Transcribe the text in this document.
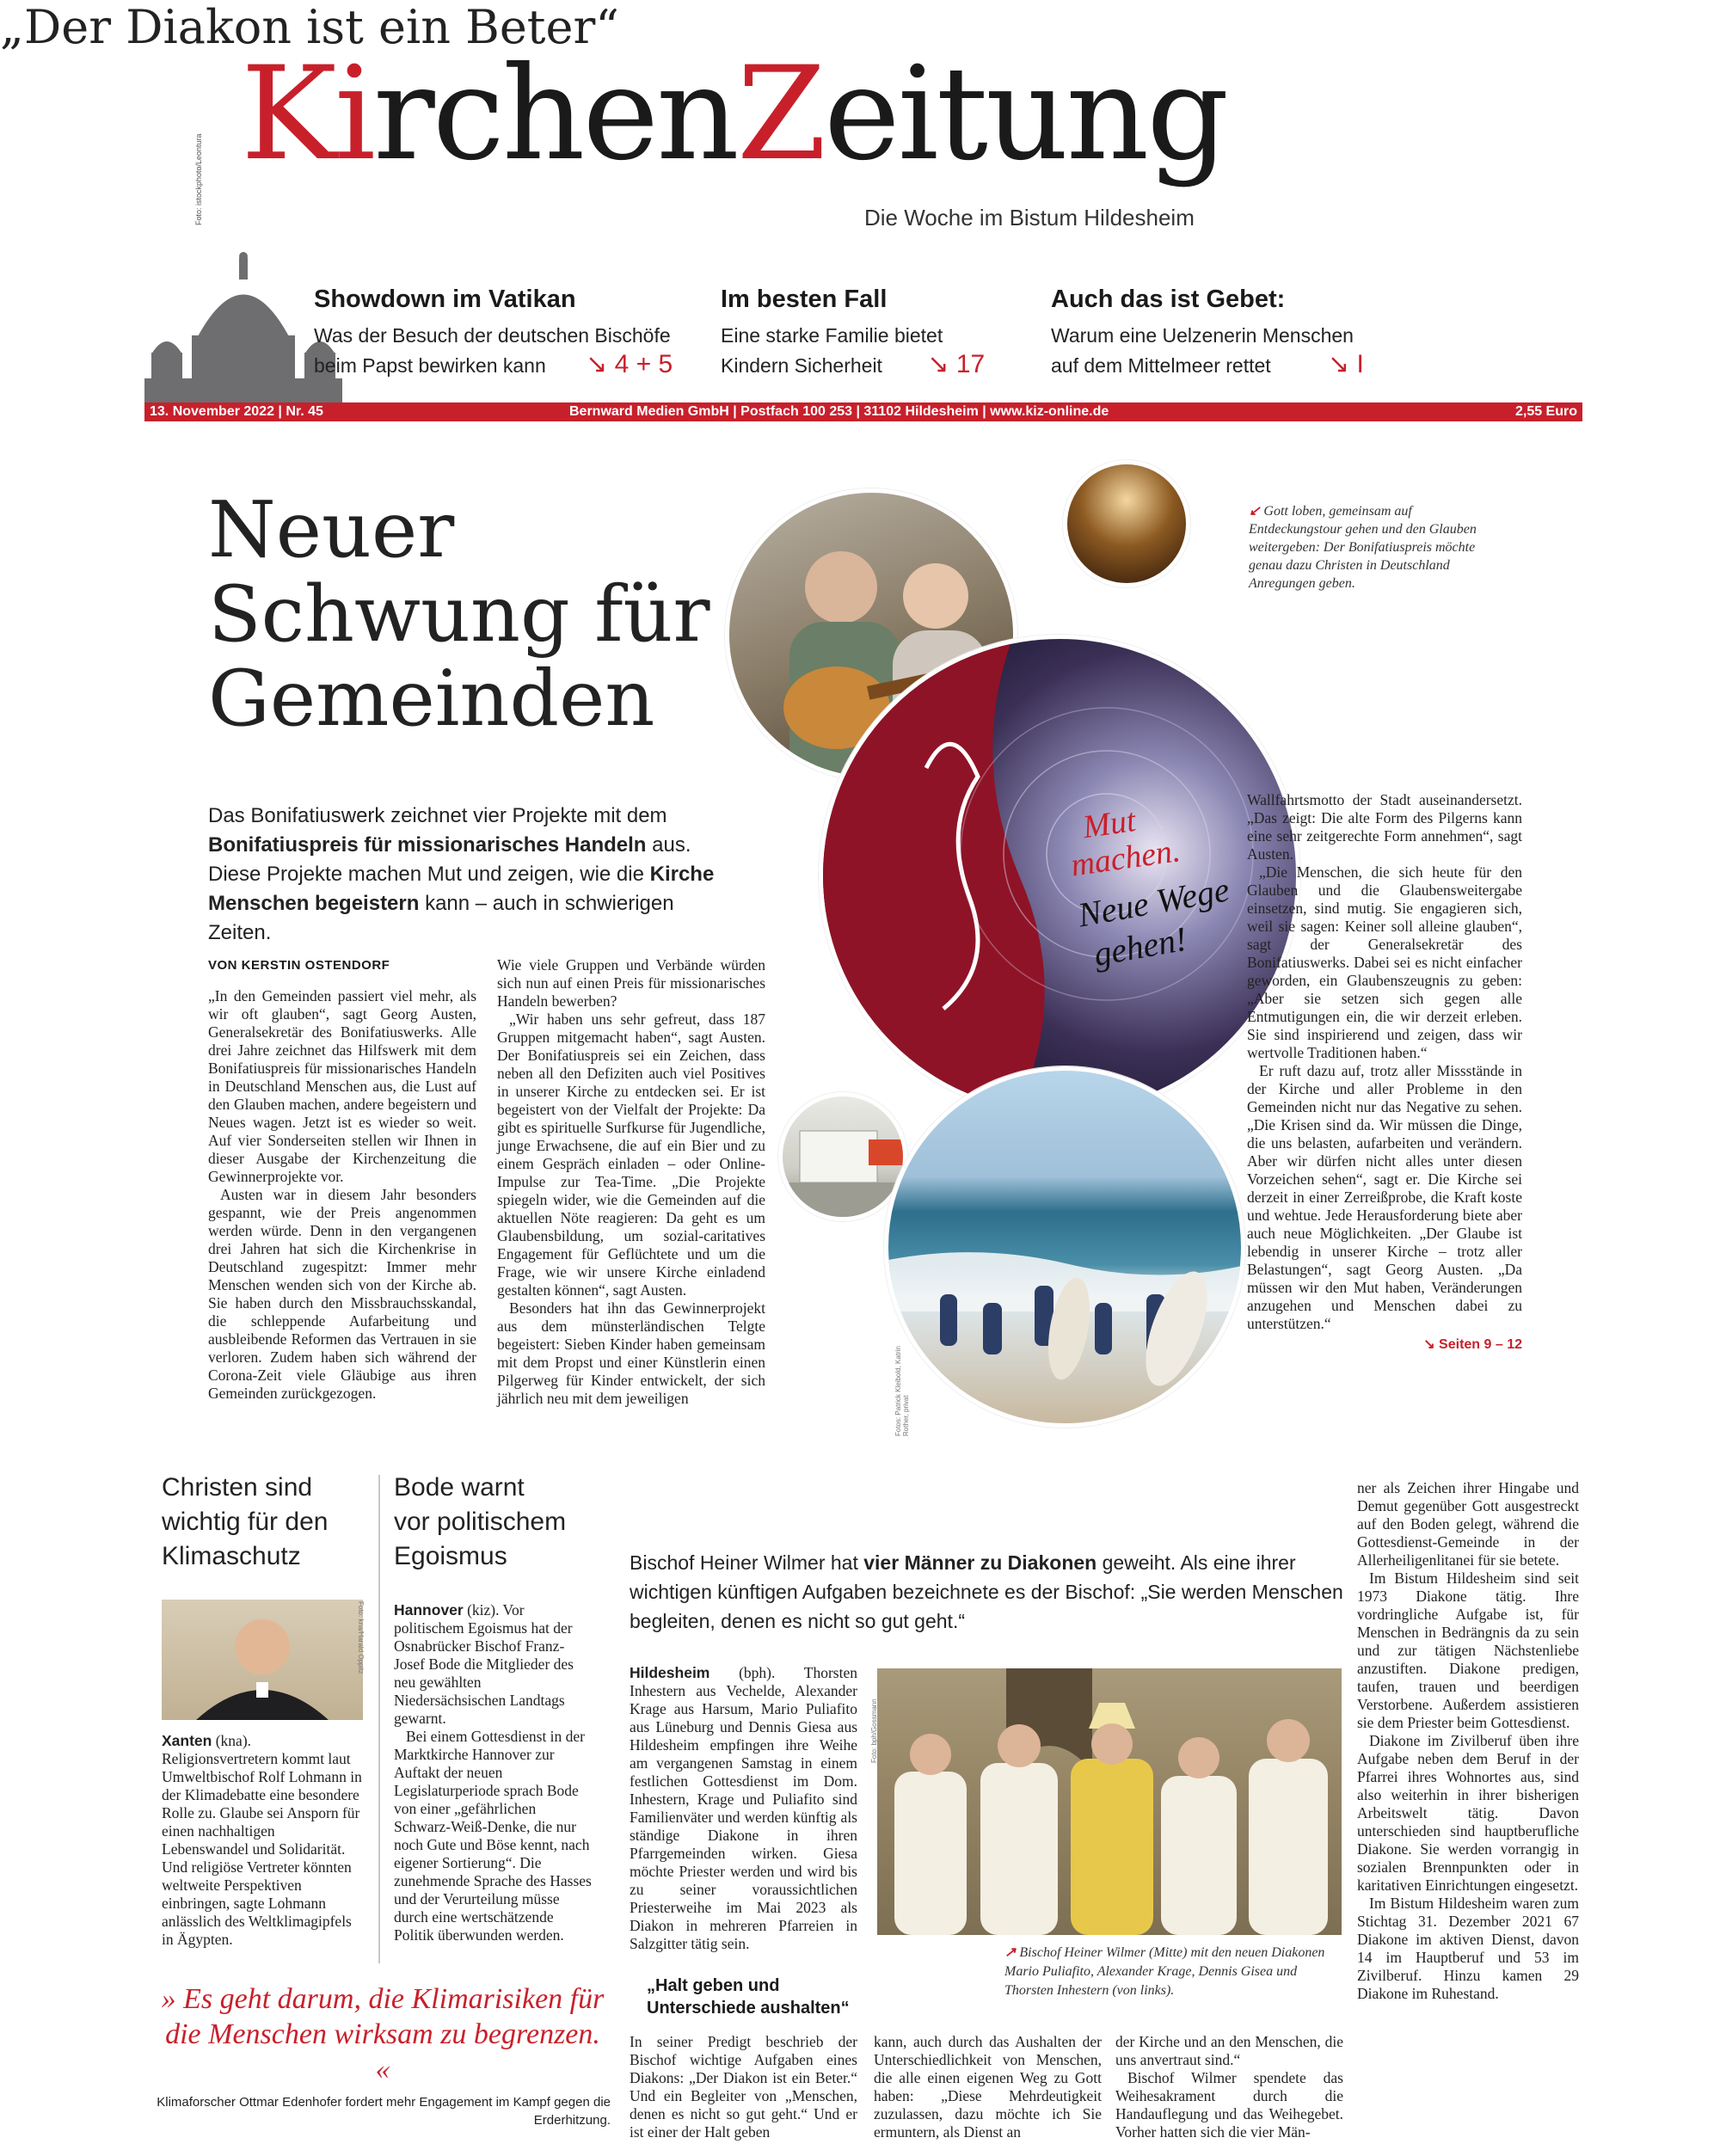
KirchenZeitung
Die Woche im Bistum Hildesheim
Foto: istockphoto/Leontura
Showdown im Vatikan

Was der Besuch der deutschen Bischöfe

beim Papst bewirken kann ↘ 4 + 5

Im besten Fall

Eine starke Familie bietet

Kindern Sicherheit ↘ 17

Auch das ist Gebet:

Warum eine Uelzenerin Menschen

auf dem Mittelmeer rettet ↘ I

13. November 2022 | Nr. 45	Bernward Medien GmbH | Postfach 100 253 | 31102 Hildesheim | www.kiz-online.de	2,55 Euro
Neuer
Schwung für
Gemeinden
Das Bonifatiuswerk zeichnet vier Projekte mit dem Bonifatiuspreis für missionarisches Handeln aus. Diese Projekte machen Mut und zeigen, wie die Kirche Menschen begeistern kann – auch in schwierigen Zeiten.
VON KERSTIN OSTENDORF

„In den Gemeinden passiert viel mehr, als wir oft glauben“, sagt Georg Austen, Generalsekretär des Bonifatiuswerks. Alle drei Jahre zeichnet das Hilfswerk mit dem Bonifatiuspreis für missionarisches Handeln in Deutschland Menschen aus, die Lust auf den Glauben machen, andere begeistern und Neues wagen. Jetzt ist es wieder so weit. Auf vier Sonderseiten stellen wir Ihnen in dieser Ausgabe der Kirchenzeitung die Gewinnerprojekte vor.

Austen war in diesem Jahr besonders gespannt, wie der Preis angenommen werden würde. Denn in den vergangenen drei Jahren hat sich die Kirchenkrise in Deutschland zugespitzt: Immer mehr Menschen wenden sich von der Kirche ab. Sie haben durch den Missbrauchsskandal, die schleppende Aufarbeitung und ausbleibende Reformen das Vertrauen in sie verloren. Zudem haben sich während der Corona-Zeit viele Gläubige aus ihren Gemeinden zurückgezogen.

Wie viele Gruppen und Verbände würden sich nun auf einen Preis für missionarisches Handeln bewerben?

„Wir haben uns sehr gefreut, dass 187 Gruppen mitgemacht haben“, sagt Austen. Der Bonifatiuspreis sei ein Zeichen, dass neben all den Defiziten auch viel Positives in unserer Kirche zu entdecken sei. Er ist begeistert von der Vielfalt der Projekte: Da gibt es spirituelle Surfkurse für Jugendliche, junge Erwachsene, die auf ein Bier und zu einem Gespräch einladen – oder Online-Impulse zur Tea-Time. „Die Projekte spiegeln wider, wie die Gemeinden auf die aktuellen Nöte reagieren: Da geht es um Glaubensbildung, um sozial-caritatives Engagement für Geflüchtete und um die Frage, wie wir unsere Kirche einladend gestalten können“, sagt Austen.

Besonders hat ihn das Gewinnerprojekt aus dem münsterländischen Telgte begeistert: Sieben Kinder haben gemeinsam mit dem Propst und einer Künstlerin einen Pilgerweg für Kinder entwickelt, der sich jährlich neu mit dem jeweiligen

Mut
machen.
Neue Wege
gehen!
Fotos: Patrick Kleibold, Katrin Rother, privat
↙ Gott loben, gemeinsam auf Entdeckungstour gehen und den Glauben weitergeben: Der Bonifatiuspreis möchte genau dazu Christen in Deutschland Anregungen geben.

Wallfahrtsmotto der Stadt auseinandersetzt. „Das zeigt: Die alte Form des Pilgerns kann eine sehr zeitgerechte Form annehmen“, sagt Austen.

„Die Menschen, die sich heute für den Glauben und die Glaubensweitergabe einsetzen, sind mutig. Sie engagieren sich, weil sie sagen: Keiner soll alleine glauben“, sagt der Generalsekretär des Bonifatiuswerks. Dabei sei es nicht einfacher geworden, ein Glaubenszeugnis zu geben: „Aber sie setzen sich gegen alle Entmutigungen ein, die wir derzeit erleben. Sie sind inspirierend und zeigen, dass wir wertvolle Traditionen haben.“

Er ruft dazu auf, trotz aller Missstände in der Kirche und aller Probleme in den Gemeinden nicht nur das Negative zu sehen. „Die Krisen sind da. Wir müssen die Dinge, die uns belasten, aufarbeiten und verändern. Aber wir dürfen nicht alles unter diesen Vorzeichen sehen“, sagt er. Die Kirche sei derzeit in einer Zerreißprobe, die Kraft koste und wehtue. Jede Herausforderung biete aber auch neue Möglichkeiten. „Der Glaube ist lebendig in unserer Kirche – trotz aller Belastungen“, sagt Georg Austen. „Da müssen wir den Mut haben, Veränderungen anzugehen und Menschen dabei zu unterstützen.“

↘ Seiten 9 – 12

Christen sind
wichtig für den
Klimaschutz
Foto: kna/Harald Oppitz
Xanten (kna). Religionsvertretern kommt laut Umweltbischof Rolf Lohmann in der Klimadebatte eine besondere Rolle zu. Glaube sei Ansporn für einen nachhaltigen Lebenswandel und Solidarität. Und religiöse Vertreter könnten weltweite Perspektiven einbringen, sagte Lohmann anlässlich des Weltklimagipfels in Ägypten.
Bode warnt
vor politischem
Egoismus

Hannover (kiz). Vor politischem Egoismus hat der Osnabrücker Bischof Franz-Josef Bode die Mitglieder des neu gewählten Niedersächsischen Landtags gewarnt.

Bei einem Gottesdienst in der Marktkirche Hannover zur Auftakt der neuen Legislaturperiode sprach Bode von einer „gefährlichen Schwarz-Weiß-Denke, die nur noch Gute und Böse kennt, nach eigener Sortierung“. Die zunehmende Sprache des Hasses und der Verurteilung müsse durch eine wertschätzende Politik überwunden werden.

» Es geht darum, die Klimarisiken für die Menschen wirksam zu begrenzen. «
Klimaforscher Ottmar Edenhofer fordert mehr Engagement im Kampf gegen die Erderhitzung.
„Der Diakon ist ein Beter“
Bischof Heiner Wilmer hat vier Männer zu Diakonen geweiht. Als eine ihrer wichtigen künftigen Aufgaben bezeichnete es der Bischof: „Sie werden Menschen begleiten, denen es nicht so gut geht.“

Hildesheim (bph). Thorsten Inhestern aus Vechelde, Alexander Krage aus Harsum, Mario Puliafito aus Lüneburg und Dennis Giesa aus Hildesheim empfingen ihre Weihe am vergangenen Samstag in einem festlichen Gottesdienst im Dom. Inhestern, Krage und Puliafito sind Familienväter und werden künftig als ständige Diakone in ihren Pfarrgemeinden wirken. Giesa möchte Priester werden und wird bis zu seiner voraussichtlichen Priesterweihe im Mai 2023 als Diakon in mehreren Pfarreien in Salzgitter tätig sein.

„Halt geben und Unterschiede aushalten“
In seiner Predigt beschrieb der Bischof wichtige Aufgaben eines Diakons: „Der Diakon ist ein Beter.“ Und ein Begleiter von „Menschen, denen es nicht so gut geht.“ Und er ist einer der Halt geben
Foto: bph/Gossmann
↗ Bischof Heiner Wilmer (Mitte) mit den neuen Diakonen Mario Puliafito, Alexander Krage, Dennis Gisea und Thorsten Inhestern (von links).
kann, auch durch das Aushalten der Unterschiedlichkeit von Menschen, die alle einen eigenen Weg zu Gott haben: „Diese Mehrdeutigkeit zuzulassen, dazu möchte ich Sie ermuntern, als Dienst an

der Kirche und an den Menschen, die uns anvertraut sind.“

Bischof Wilmer spendete das Weihesakrament durch die Handauflegung und das Weihegebet. Vorher hatten sich die vier Män-

ner als Zeichen ihrer Hingabe und Demut gegenüber Gott ausgestreckt auf den Boden gelegt, während die Gottesdienst-Gemeinde in der Allerheiligenlitanei für sie betete.

Im Bistum Hildesheim sind seit 1973 Diakone tätig. Ihre vordringliche Aufgabe ist, für Menschen in Bedrängnis da zu sein und zur tätigen Nächstenliebe anzustiften. Diakone predigen, taufen, trauen und beerdigen Verstorbene. Außerdem assistieren sie dem Priester beim Gottesdienst.

Diakone im Zivilberuf üben ihre Aufgabe neben dem Beruf in der Pfarrei ihres Wohnortes aus, sind also weiterhin in ihrer bisherigen Arbeitswelt tätig. Davon unterschieden sind hauptberufliche Diakone. Sie werden vorrangig in sozialen Brennpunkten oder in karitativen Einrichtungen eingesetzt.

Im Bistum Hildesheim waren zum Stichtag 31. Dezember 2021 67 Diakone im aktiven Dienst, davon 14 im Hauptberuf und 53 im Zivilberuf. Hinzu kamen 29 Diakone im Ruhestand.
